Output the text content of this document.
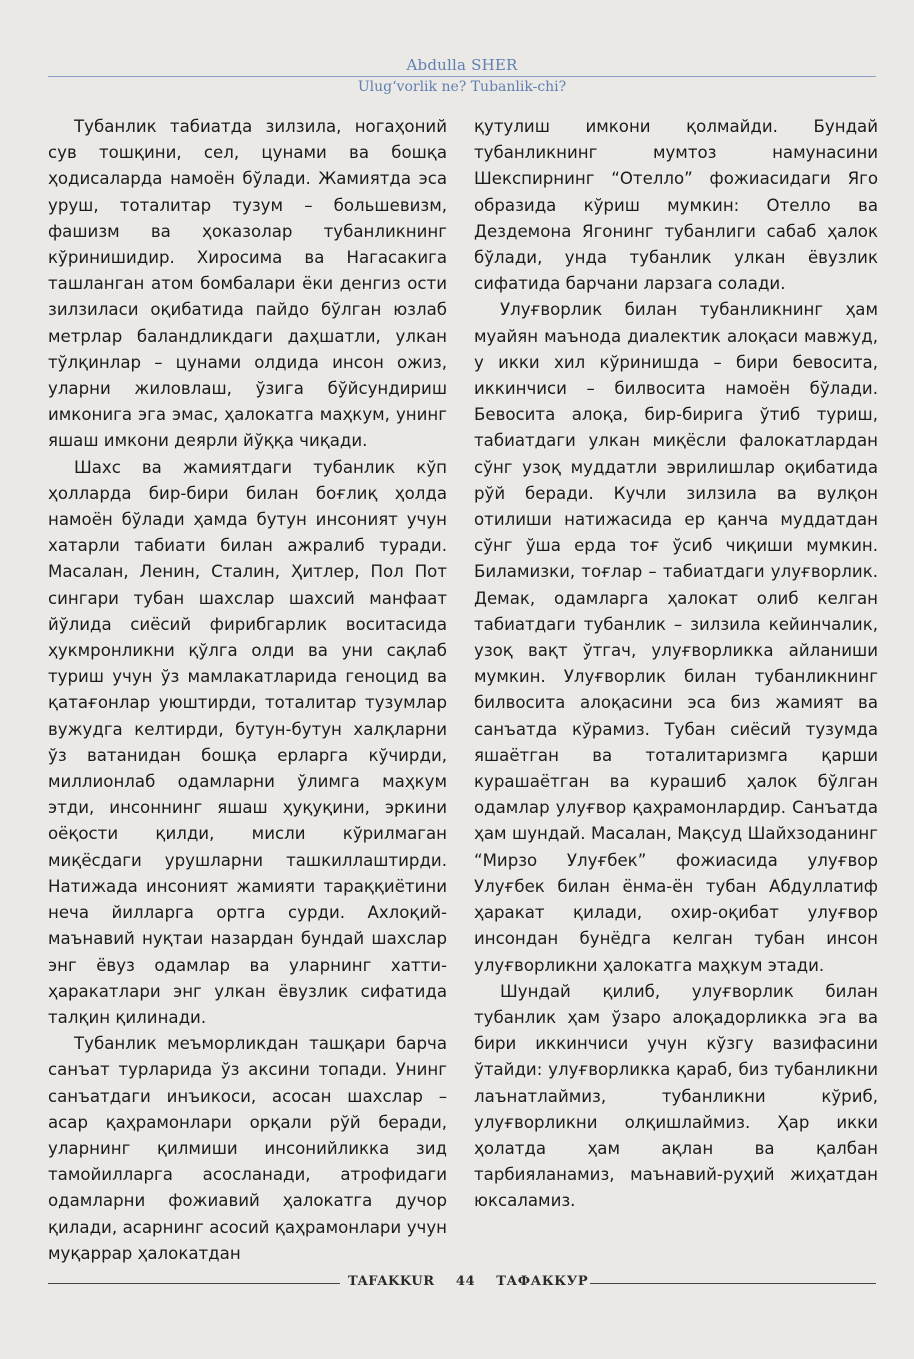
Abdulla SHER
Ulug‘vorlik ne? Tubanlik-chi?

Тубанлик табиатда зилзила, ногаҳоний сув тошқини, сел, цунами ва бошқа ҳодисаларда намоён бўлади. Жамиятда эса уруш, тоталитар тузум – большевизм, фашизм ва ҳоказолар тубанликнинг кўринишидир. Хиросима ва Нагасакига ташланган атом бомбалари ёки денгиз ости зилзиласи оқибатида пайдо бўлган юзлаб метрлар баландликдаги даҳшатли, улкан тўлқинлар – цунами олдида инсон ожиз, уларни жиловлаш, ўзига бўйсундириш имконига эга эмас, ҳалокатга маҳкум, унинг яшаш имкони деярли йўққа чиқади.

Шахс ва жамиятдаги тубанлик кўп ҳолларда бир-бири билан боғлиқ ҳолда намоён бўлади ҳамда бутун инсоният учун хатарли табиати билан ажралиб туради. Масалан, Ленин, Сталин, Ҳитлер, Пол Пот сингари тубан шахслар шахсий манфаат йўлида сиёсий фирибгарлик воситасида ҳукмронликни қўлга олди ва уни сақлаб туриш учун ўз мамлакатларида геноцид ва қатағонлар уюштирди, тоталитар тузумлар вужудга келтирди, бутун-бутун халқларни ўз ватанидан бошқа ерларга кўчирди, миллионлаб одамларни ўлимга маҳкум этди, инсоннинг яшаш ҳуқуқини, эркини оёқости қилди, мисли кўрилмаган миқёсдаги урушларни ташкиллаштирди. Натижада инсоният жамияти тараққиётини неча йилларга ортга сурди. Ахлоқий-маънавий нуқтаи назардан бундай шахслар энг ёвуз одамлар ва уларнинг хатти-ҳаракатлари энг улкан ёвузлик сифатида талқин қилинади.

Тубанлик меъморликдан ташқари барча санъат турларида ўз аксини топади. Унинг санъатдаги инъикоси, асосан шахслар – асар қаҳрамонлари орқали рўй беради, уларнинг қилмиши инсонийликка зид тамойилларга асосланади, атрофидаги одамларни фожиавий ҳалокатга дучор қилади, асарнинг асосий қаҳрамонлари учун муқаррар ҳалокатдан

қутулиш имкони қолмайди. Бундай тубанликнинг мумтоз намунасини Шекспирнинг “Отелло” фожиасидаги Яго образида кўриш мумкин: Отелло ва Дездемона Ягонинг тубанлиги сабаб ҳалок бўлади, унда тубанлик улкан ёвузлик сифатида барчани ларзага солади.

Улуғворлик билан тубанликнинг ҳам муайян маънода диалектик алоқаси мавжуд, у икки хил кўринишда – бири бевосита, иккинчиси – билвосита намоён бўлади. Бевосита алоқа, бир-бирига ўтиб туриш, табиатдаги улкан миқёсли фалокатлардан сўнг узоқ муддатли эврилишлар оқибатида рўй беради. Кучли зилзила ва вулқон отилиши натижасида ер қанча муддатдан сўнг ўша ерда тоғ ўсиб чиқиши мумкин. Биламизки, тоғлар – табиатдаги улуғворлик. Демак, одамларга ҳалокат олиб келган табиатдаги тубанлик – зилзила кейинчалик, узоқ вақт ўтгач, улуғворликка айланиши мумкин. Улуғворлик билан тубанликнинг билвосита алоқасини эса биз жамият ва санъатда кўрамиз. Тубан сиёсий тузумда яшаётган ва тоталитаризмга қарши курашаётган ва курашиб ҳалок бўлган одамлар улуғвор қаҳрамонлардир. Санъатда ҳам шундай. Масалан, Мақсуд Шайхзоданинг “Мирзо Улуғбек” фожиасида улуғвор Улуғбек билан ёнма-ён тубан Абдуллатиф ҳаракат қилади, охир-оқибат улуғвор инсондан бунёдга келган тубан инсон улуғворликни ҳалокатга маҳкум этади.

Шундай қилиб, улуғворлик билан тубанлик ҳам ўзаро алоқадорликка эга ва бири иккинчиси учун кўзгу вазифасини ўтайди: улуғворликка қараб, биз тубанликни лаънатлаймиз, тубанликни кўриб, улуғворликни олқишлаймиз. Ҳар икки ҳолатда ҳам ақлан ва қалбан тарбияланамиз, маънавий-руҳий жиҳатдан юксаламиз.

TAFAKKUR 44 ТАФАККУР
